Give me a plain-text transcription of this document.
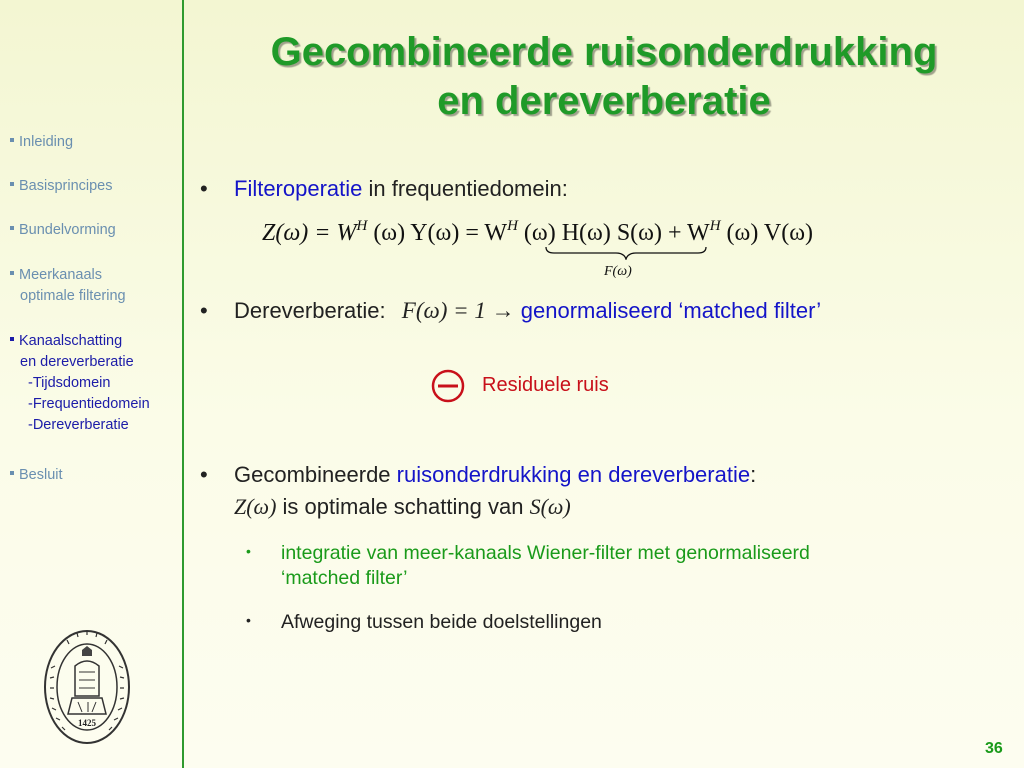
Inleiding
Basisprincipes
Bundelvorming
Meerkanaals
optimale filtering
Kanaalschatting
en dereverberatie
-Tijdsdomein
-Frequentiedomein
-Dereverberatie
Besluit
1425
Gecombineerde ruisonderdrukking
en dereverberatie
• Filteroperatie in frequentiedomein:
• Dereverberatie: F(ω) = 1 → genormaliseerd ‘matched filter’
• Gecombineerde ruisonderdrukking en dereverberatie:
Z(ω) is optimale schatting van S(ω)
$Z(\omega) = W^H$ (ω) $Y(\omega) = W^H$ (ω) H(ω) $S(\omega) + W^H$ (ω) V(ω)
F(ω)
Residuele ruis
• integratie van meer-kanaals Wiener-filter met genormaliseerd
‘matched filter’
• Afweging tussen beide doelstellingen
36
